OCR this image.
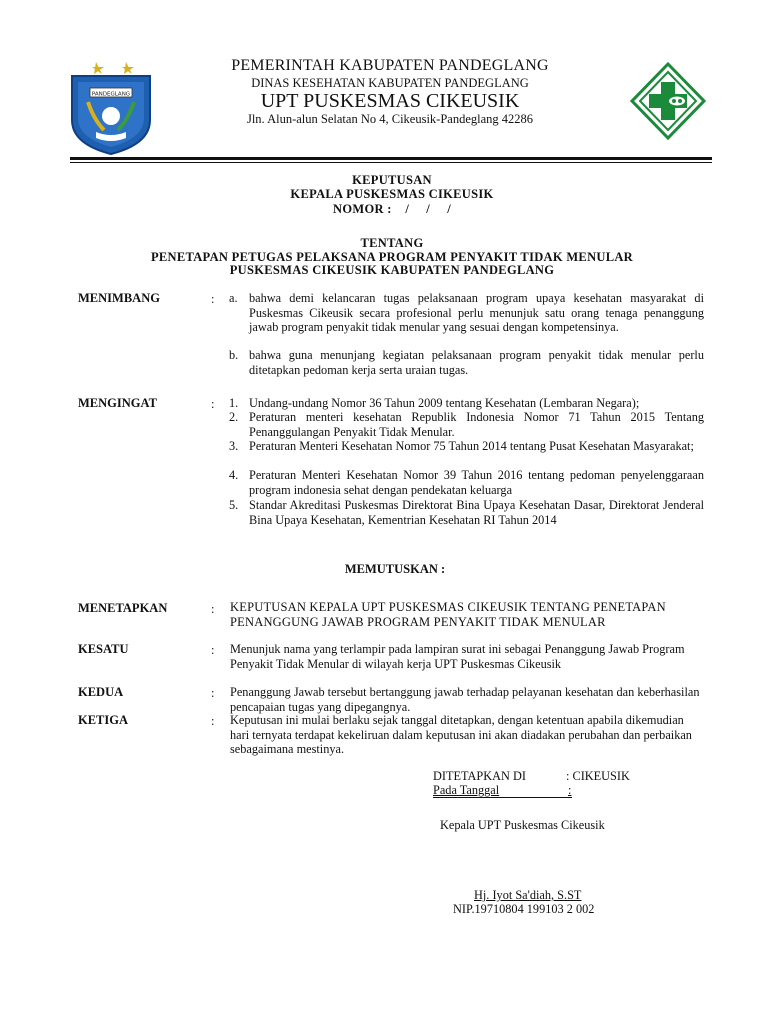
PANDEGLANG
PEMERINTAH KABUPATEN PANDEGLANG
DINAS KESEHATAN KABUPATEN PANDEGLANG
UPT PUSKESMAS CIKEUSIK
Jln. Alun-alun Selatan No 4, Cikeusik-Pandeglang 42286
KEPUTUSAN
KEPALA PUSKESMAS CIKEUSIK
NOMOR :    /     /     /
TENTANG
PENETAPAN PETUGAS PELAKSANA PROGRAM PENYAKIT TIDAK MENULAR
PUSKESMAS CIKEUSIK KABUPATEN PANDEGLANG
MENIMBANG	: a. bahwa demi kelancaran tugas pelaksanaan program upaya kesehatan masyarakat di Puskesmas Cikeusik secara profesional perlu menunjuk satu orang tenaga penanggung jawab program penyakit tidak menular yang sesuai dengan kompetensinya.
b. bahwa guna menunjang kegiatan pelaksanaan program penyakit tidak menular perlu ditetapkan pedoman kerja serta uraian tugas.
MENGINGAT	: 1. Undang-undang Nomor 36 Tahun 2009 tentang Kesehatan (Lembaran Negara);
2. Peraturan menteri kesehatan Republik Indonesia Nomor 71 Tahun 2015 Tentang Penanggulangan Penyakit Tidak Menular.
3. Peraturan Menteri Kesehatan Nomor 75 Tahun 2014 tentang Pusat Kesehatan Masyarakat;
4. Peraturan Menteri Kesehatan Nomor 39 Tahun 2016 tentang pedoman penyelenggaraan program indonesia sehat dengan pendekatan keluarga
5. Standar Akreditasi Puskesmas Direktorat Bina Upaya Kesehatan Dasar, Direktorat Jenderal Bina Upaya Kesehatan, Kementrian Kesehatan RI Tahun 2014
MEMUTUSKAN :
MENETAPKAN	: KEPUTUSAN KEPALA UPT PUSKESMAS CIKEUSIK TENTANG PENETAPAN PENANGGUNG JAWAB PROGRAM PENYAKIT TIDAK MENULAR
KESATU	: Menunjuk nama yang terlampir pada lampiran surat ini sebagai Penanggung Jawab Program Penyakit Tidak Menular di wilayah kerja UPT Puskesmas Cikeusik
KEDUA	: Penanggung Jawab tersebut bertanggung jawab terhadap pelayanan kesehatan dan keberhasilan pencapaian tugas yang dipegangnya.
KETIGA	: Keputusan ini mulai berlaku sejak tanggal ditetapkan, dengan ketentuan apabila dikemudian hari ternyata terdapat kekeliruan dalam keputusan ini akan diadakan perubahan dan perbaikan sebagaimana mestinya.
DITETAPKAN DI	: CIKEUSIK
Pada Tanggal	:
Kepala UPT Puskesmas Cikeusik
Hj. Iyot Sa'diah, S.ST
NIP.19710804 199103 2 002
